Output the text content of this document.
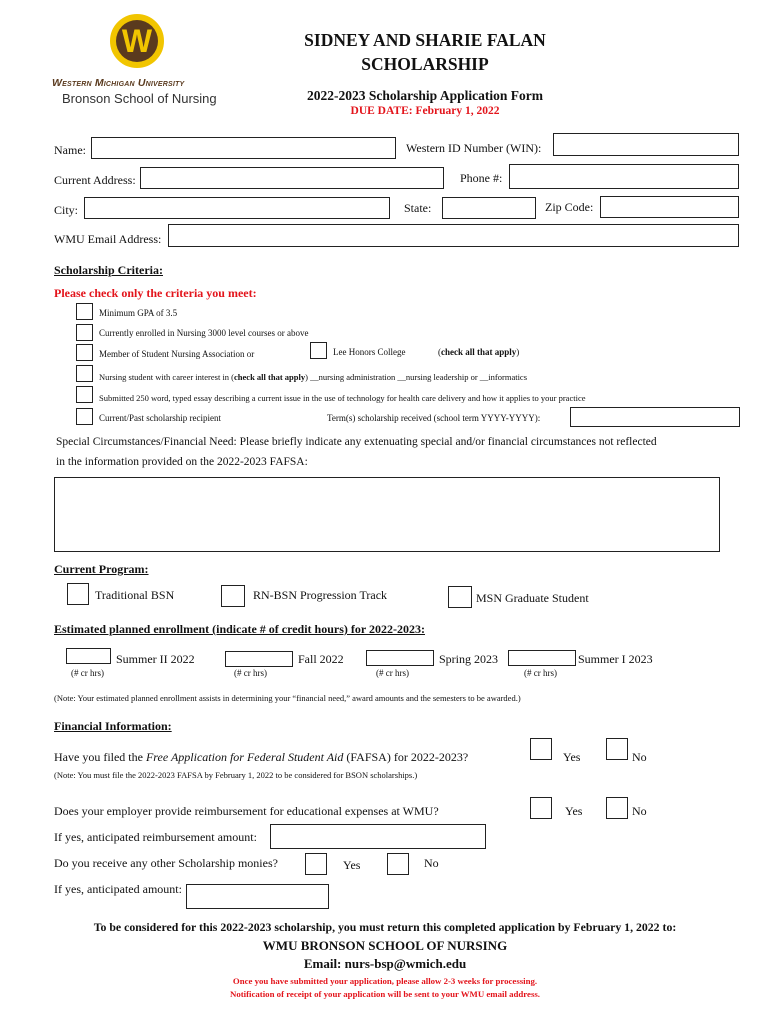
W
Western Michigan University
Bronson School of Nursing
SIDNEY AND SHARIE FALAN
SCHOLARSHIP
2022-2023 Scholarship Application Form
DUE DATE: February 1, 2022
Name:	Western ID Number (WIN):
Current Address:	Phone #:
City:	State:	Zip Code:
WMU Email Address:
Scholarship Criteria:
Please check only the criteria you meet:
Minimum GPA of 3.5
Currently enrolled in Nursing 3000 level courses or above
Member of Student Nursing Association or	Lee Honors College	(check all that apply)
Nursing student with career interest in (check all that apply) __nursing administration __nursing leadership or __informatics
Submitted 250 word, typed essay describing a current issue in the use of technology for health care delivery and how it applies to your practice
Current/Past scholarship recipient	Term(s) scholarship received (school term YYYY-YYYY):
Special Circumstances/Financial Need: Please briefly indicate any extenuating special and/or financial circumstances not reflected
in the information provided on the 2022-2023 FAFSA:
Current Program:
Traditional BSN	RN-BSN Progression Track	MSN Graduate Student
Estimated planned enrollment (indicate # of credit hours) for 2022-2023:
Summer II 2022
(# cr hrs)
Fall 2022
(# cr hrs)
Spring 2023
(# cr hrs)
Summer I 2023
(# cr hrs)
(Note: Your estimated planned enrollment assists in determining your “financial need,” award amounts and the semesters to be awarded.)
Financial Information:
Have you filed the Free Application for Federal Student Aid (FAFSA) for 2022-2023?	Yes	No
(Note: You must file the 2022-2023 FAFSA by February 1, 2022 to be considered for BSON scholarships.)
Does your employer provide reimbursement for educational expenses at WMU?	Yes	No
If yes, anticipated reimbursement amount:
Do you receive any other Scholarship monies?	Yes	No
If yes, anticipated amount:
To be considered for this 2022-2023 scholarship, you must return this completed application by February 1, 2022 to:
WMU BRONSON SCHOOL OF NURSING
Email: nurs-bsp@wmich.edu
Once you have submitted your application, please allow 2-3 weeks for processing.
Notification of receipt of your application will be sent to your WMU email address.
